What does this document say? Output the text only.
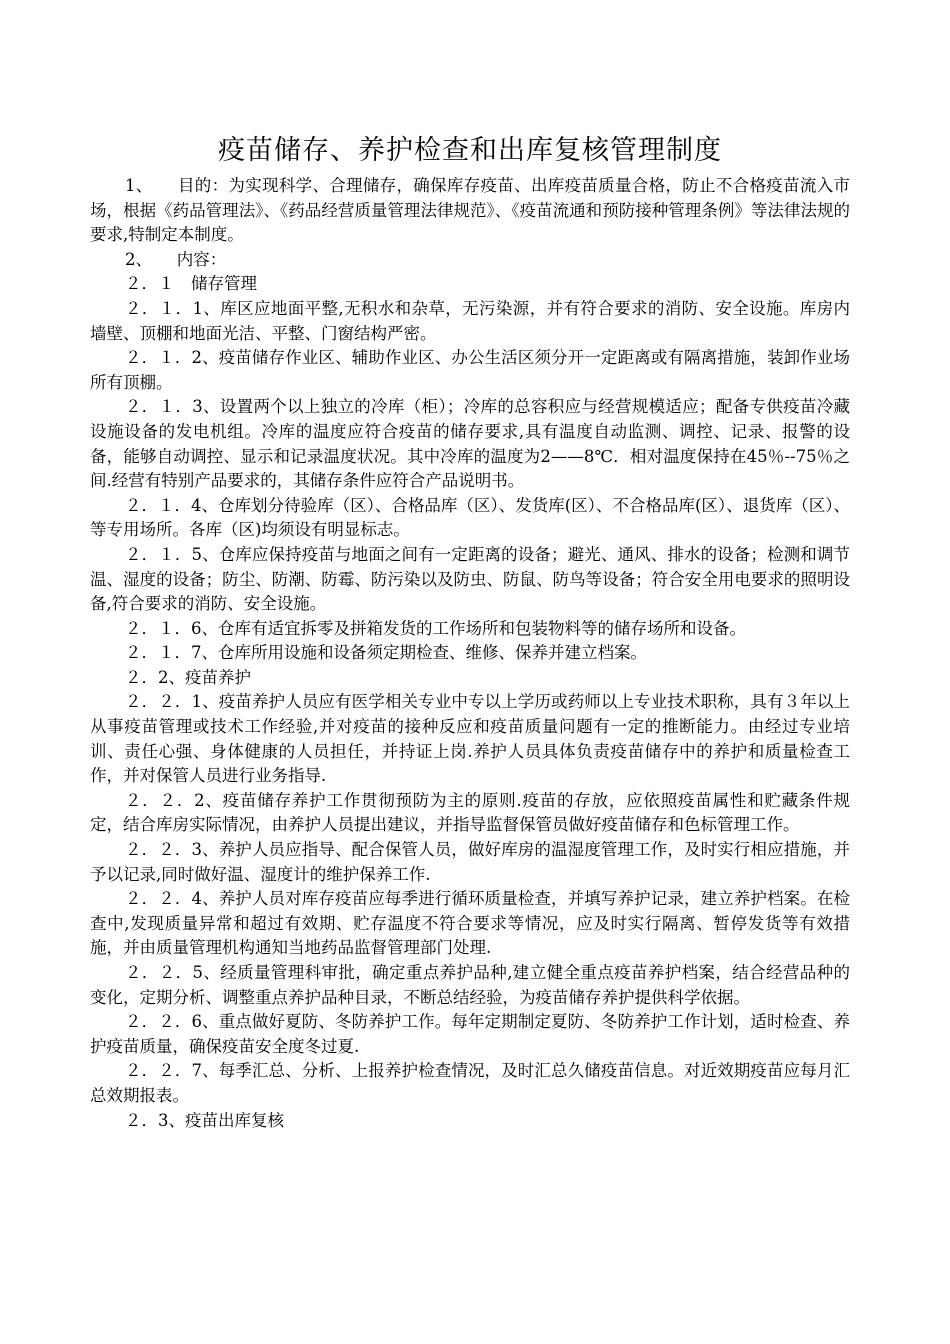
疫苗储存、养护检查和出库复核管理制度

1、　　目的：为实现科学、合理储存，确保库存疫苗、出库疫苗质量合格，防止不合格疫苗流入市场，根据《药品管理法》、《药品经营质量管理法律规范》、《疫苗流通和预防接种管理条例》等法律法规的要求,特制定本制度。

2、　　内容：

２．１　储存管理

２．１．1、库区应地面平整,无积水和杂草，无污染源，并有符合要求的消防、安全设施。库房内墙壁、顶棚和地面光洁、平整、门窗结构严密。

２．１．2、疫苗储存作业区、辅助作业区、办公生活区须分开一定距离或有隔离措施，装卸作业场所有顶棚。

２．１．3、设置两个以上独立的冷库（柜）；冷库的总容积应与经营规模适应；配备专供疫苗冷藏设施设备的发电机组。冷库的温度应符合疫苗的储存要求,具有温度自动监测、调控、记录、报警的设备，能够自动调控、显示和记录温度状况。其中冷库的温度为2——8℃．相对温度保持在45％--75％之间.经营有特别产品要求的，其储存条件应符合产品说明书。

２．１．4、仓库划分待验库（区）、合格品库（区）、发货库(区）、不合格品库(区）、退货库（区）、等专用场所。各库（区)均须设有明显标志。

２．１．5、仓库应保持疫苗与地面之间有一定距离的设备；避光、通风、排水的设备；检测和调节温、湿度的设备；防尘、防潮、防霉、防污染以及防虫、防鼠、防鸟等设备；符合安全用电要求的照明设备,符合要求的消防、安全设施。

２．１．6、仓库有适宜拆零及拼箱发货的工作场所和包装物料等的储存场所和设备。

２．１．7、仓库所用设施和设备须定期检查、维修、保养并建立档案。

２．2、疫苗养护

２．２．1、疫苗养护人员应有医学相关专业中专以上学历或药师以上专业技术职称，具有３年以上从事疫苗管理或技术工作经验,并对疫苗的接种反应和疫苗质量问题有一定的推断能力。由经过专业培训、责任心强、身体健康的人员担任，并持证上岗.养护人员具体负责疫苗储存中的养护和质量检查工作，并对保管人员进行业务指导.

２．２．2、疫苗储存养护工作贯彻预防为主的原则.疫苗的存放，应依照疫苗属性和贮藏条件规定，结合库房实际情况，由养护人员提出建议，并指导监督保管员做好疫苗储存和色标管理工作。

２．２．3、养护人员应指导、配合保管人员，做好库房的温湿度管理工作，及时实行相应措施，并予以记录,同时做好温、湿度计的维护保养工作.

２．２．4、养护人员对库存疫苗应每季进行循环质量检查，并填写养护记录，建立养护档案。在检查中,发现质量异常和超过有效期、贮存温度不符合要求等情况，应及时实行隔离、暂停发货等有效措施，并由质量管理机构通知当地药品监督管理部门处理.

２．２．5、经质量管理科审批，确定重点养护品种,建立健全重点疫苗养护档案，结合经营品种的变化，定期分析、调整重点养护品种目录，不断总结经验，为疫苗储存养护提供科学依据。

２．２．6、重点做好夏防、冬防养护工作。每年定期制定夏防、冬防养护工作计划，适时检查、养护疫苗质量，确保疫苗安全度冬过夏.

２．２．7、每季汇总、分析、上报养护检查情况，及时汇总久储疫苗信息。对近效期疫苗应每月汇总效期报表。

２．3、疫苗出库复核
